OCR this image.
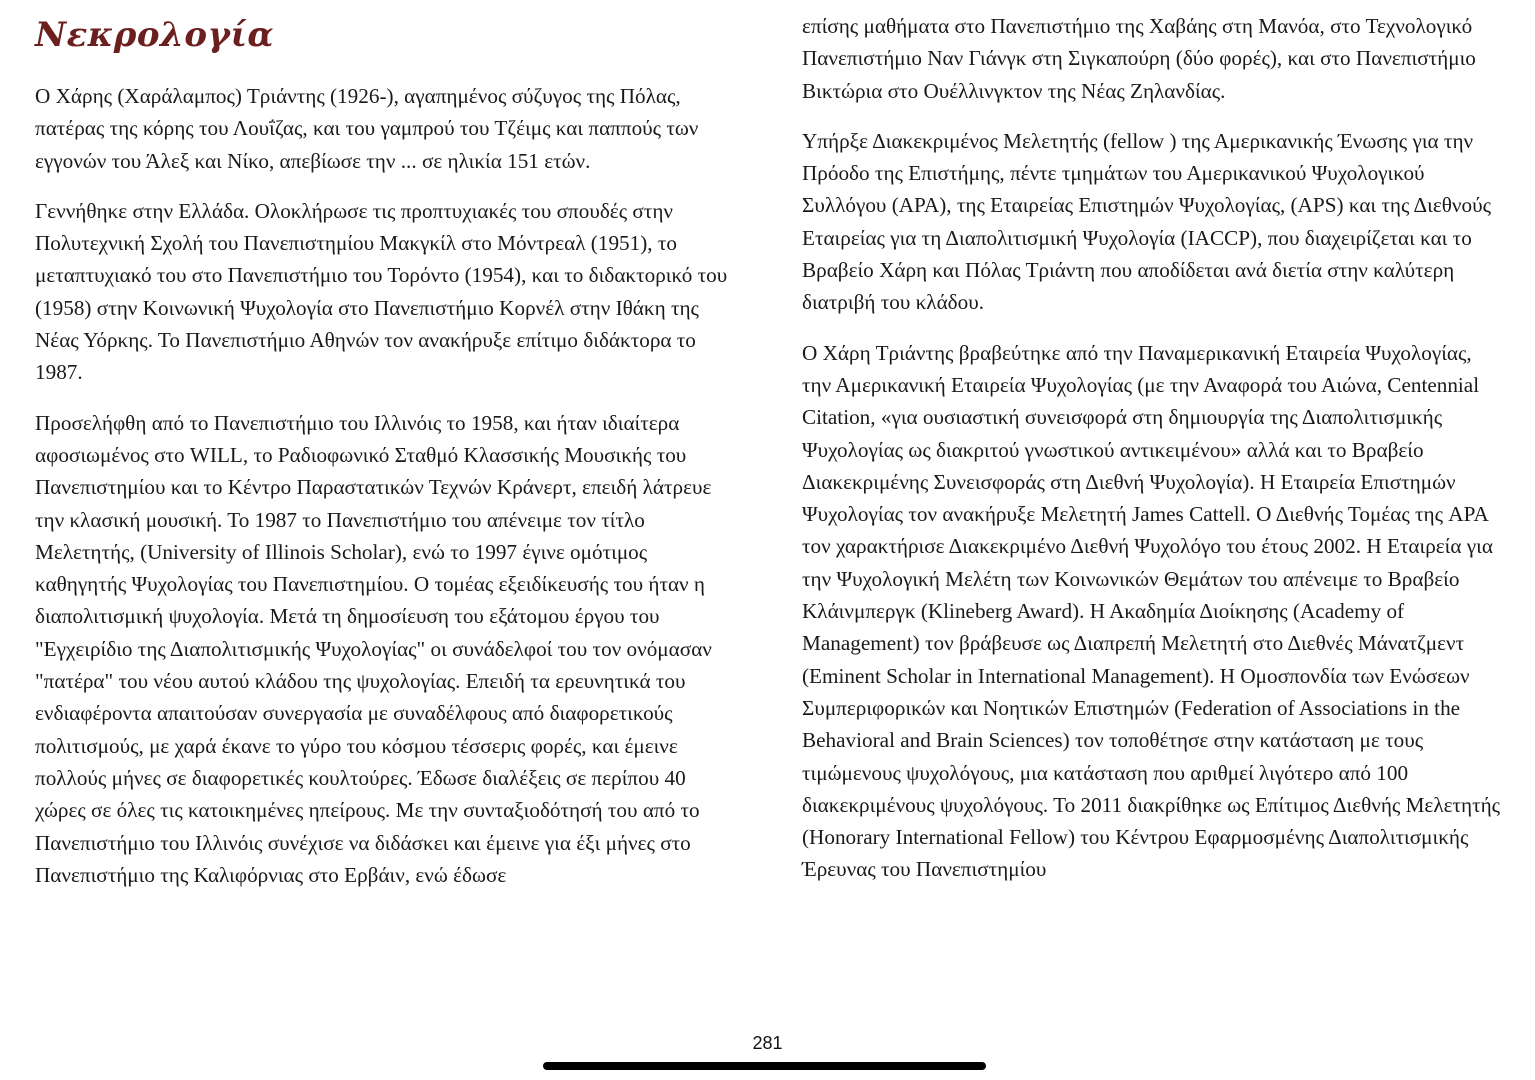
Νεκρολογία

Ο Χάρης (Χαράλαμπος) Τριάντης (1926-), αγαπημένος σύζυγος της Πόλας, πατέρας της κόρης του Λουΐζας, και του γαμπρού του Τζέιμς και παππούς των εγγονών του Άλεξ και Νίκο, απεβίωσε την ... σε ηλικία 151 ετών.

Γεννήθηκε στην Ελλάδα. Ολοκλήρωσε τις προπτυχιακές του σπουδές στην Πολυτεχνική Σχολή του Πανεπιστημίου Μακγκίλ στο Μόντρεαλ (1951), το μεταπτυχιακό του στο Πανεπιστήμιο του Τορόντο (1954), και το διδακτορικό του (1958) στην Κοινωνική Ψυχολογία στο Πανεπιστήμιο Κορνέλ στην Ιθάκη της Νέας Υόρκης. Το Πανεπιστήμιο Αθηνών τον ανακήρυξε επίτιμο διδάκτορα το 1987.

Προσελήφθη από το Πανεπιστήμιο του Ιλλινόις το 1958, και ήταν ιδιαίτερα αφοσιωμένος στο WILL, το Ραδιοφωνικό Σταθμό Κλασσικής Μουσικής του Πανεπιστημίου και το Κέντρο Παραστατικών Τεχνών Κράνερτ, επειδή λάτρευε την κλασική μουσική. Το 1987 το Πανεπιστήμιο του απένειμε τον τίτλο Μελετητής, (University of Illinois Scholar), ενώ το 1997 έγινε ομότιμος καθηγητής Ψυχολογίας του Πανεπιστημίου. Ο τομέας εξειδίκευσής του ήταν η διαπολιτισμική ψυχολογία. Μετά τη δημοσίευση του εξάτομου έργου του "Εγχειρίδιο της Διαπολιτισμικής Ψυχολογίας" οι συνάδελφοί του τον ονόμασαν "πατέρα" του νέου αυτού κλάδου της ψυχολογίας. Επειδή τα ερευνητικά του ενδιαφέροντα απαιτούσαν συνεργασία με συναδέλφους από διαφορετικούς πολιτισμούς, με χαρά έκανε το γύρο του κόσμου τέσσερις φορές, και έμεινε πολλούς μήνες σε διαφορετικές κουλτούρες. Έδωσε διαλέξεις σε περίπου 40 χώρες σε όλες τις κατοικημένες ηπείρους. Με την συνταξιοδότησή του από το Πανεπιστήμιο του Ιλλινόις συνέχισε να διδάσκει και έμεινε για έξι μήνες στο Πανεπιστήμιο της Καλιφόρνιας στο Ερβάιν, ενώ έδωσε

επίσης μαθήματα στο Πανεπιστήμιο της Χαβάης στη Μανόα, στο Τεχνολογικό Πανεπιστήμιο Ναν Γιάνγκ στη Σιγκαπούρη (δύο φορές), και στο Πανεπιστήμιο Βικτώρια στο Ουέλλινγκτον της Νέας Ζηλανδίας.

Υπήρξε Διακεκριμένος Μελετητής (fellow ) της Αμερικανικής Ένωσης για την Πρόοδο της Επιστήμης, πέντε τμημάτων του Αμερικανικού Ψυχολογικού Συλλόγου (APA), της Εταιρείας Επιστημών Ψυχολογίας, (APS) και της Διεθνούς Εταιρείας για τη Διαπολιτισμική Ψυχολογία (IACCP), που διαχειρίζεται και το Βραβείο Χάρη και Πόλας Τριάντη που αποδίδεται ανά διετία στην καλύτερη διατριβή του κλάδου.

Ο Χάρη Τριάντης βραβεύτηκε από την Παναμερικανική Εταιρεία Ψυχολογίας, την Αμερικανική Εταιρεία Ψυχολογίας (με την Αναφορά του Αιώνα, Centennial Citation, «για ουσιαστική συνεισφορά στη δημιουργία της Διαπολιτισμικής Ψυχολογίας ως διακριτού γνωστικού αντικειμένου» αλλά και το Βραβείο Διακεκριμένης Συνεισφοράς στη Διεθνή Ψυχολογία). Η Εταιρεία Επιστημών Ψυχολογίας τον ανακήρυξε Μελετητή James Cattell. Ο Διεθνής Τομέας της APA τον χαρακτήρισε Διακεκριμένο Διεθνή Ψυχολόγο του έτους 2002. Η Εταιρεία για την Ψυχολογική Μελέτη των Κοινωνικών Θεμάτων του απένειμε το Βραβείο Κλάινμπεργκ (Klineberg Award). Η Ακαδημία Διοίκησης (Academy of Management) τον βράβευσε ως Διαπρεπή Μελετητή στο Διεθνές Μάνατζμεντ (Eminent Scholar in International Management). Η Ομοσπονδία των Ενώσεων Συμπεριφορικών και Νοητικών Επιστημών (Federation of Associations in the Behavioral and Brain Sciences) τον τοποθέτησε στην κατάσταση με τους τιμώμενους ψυχολόγους, μια κατάσταση που αριθμεί λιγότερο από 100 διακεκριμένους ψυχολόγους. Το 2011 διακρίθηκε ως Επίτιμος Διεθνής Μελετητής (Honorary International Fellow) του Κέντρου Εφαρμοσμένης Διαπολιτισμικής Έρευνας του Πανεπιστημίου

281
